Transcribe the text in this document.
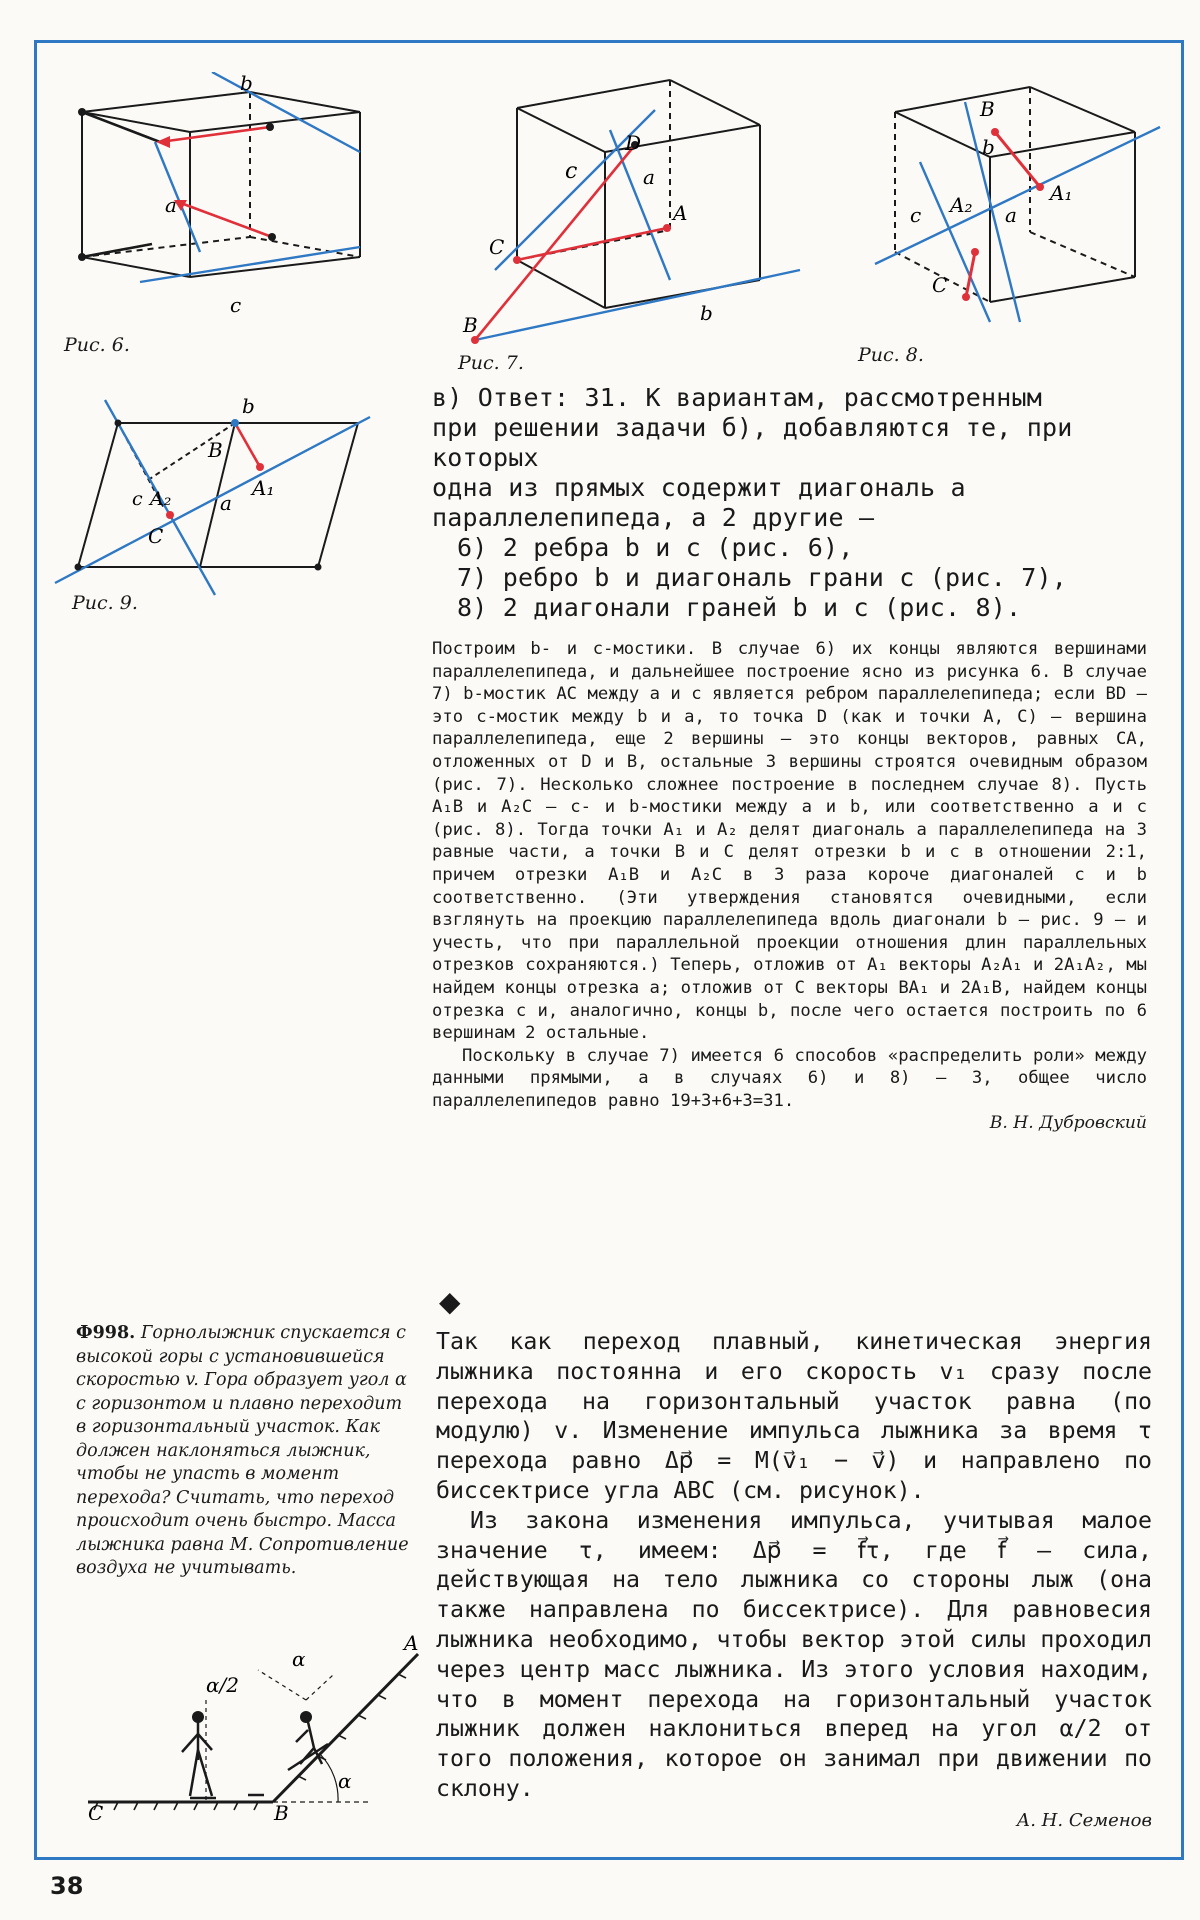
b
a
c
Рис. 6.
D
c	a
A
C
B	b
Рис. 7.
B
b
A₂
c	a
A₁
C
Рис. 8.
b
B
c A₂	A₁
a
C
Рис. 9.

в) Ответ: 31. К вариантам, рассмотренным

при решении задачи б), добавляются те, при которых

одна из прямых содержит диагональ a параллелепипеда, а 2 другие —

6) 2 ребра b и c (рис. 6),

7) ребро b и диагональ грани c (рис. 7),

8) 2 диагонали граней b и c (рис. 8).

Построим b- и c-мостики. В случае 6) их концы являются вершинами параллелепипеда, и дальнейшее построение ясно из рисунка 6. В случае 7) b-мостик AC между a и c является ребром параллелепипеда; если BD — это c-мостик между b и a, то точка D (как и точки A, C) — вершина параллелепипеда, еще 2 вершины — это концы векторов, равных CA, отложенных от D и B, остальные 3 вершины строятся очевидным образом (рис. 7). Несколько сложнее построение в последнем случае 8). Пусть A₁B и A₂C — c- и b-мостики между a и b, или соответственно a и c (рис. 8). Тогда точки A₁ и A₂ делят диагональ a параллелепипеда на 3 равные части, а точки B и C делят отрезки b и c в отношении 2:1, причем отрезки A₁B и A₂C в 3 раза короче диагоналей c и b соответственно. (Эти утверждения становятся очевидными, если взглянуть на проекцию параллелепипеда вдоль диагонали b — рис. 9 — и учесть, что при параллельной проекции отношения длин параллельных отрезков сохраняются.) Теперь, отложив от A₁ векторы A₂A₁ и 2A₁A₂, мы найдем концы отрезка a; отложив от C векторы BA₁ и 2A₁B, найдем концы отрезка c и, аналогично, концы b, после чего остается построить по 6 вершинам 2 остальные.

Поскольку в случае 7) имеется 6 способов «распределить роли» между данными прямыми, а в случаях 6) и 8) — 3, общее число параллелепипедов равно 19+3+6+3=31.

В. Н. Дубровский

◆
Ф998. Горнолыжник спускается с высокой горы с установившейся скоростью v. Гора образует угол α с горизонтом и плавно переходит в горизонтальный участок. Как должен наклоняться лыжник, чтобы не упасть в момент перехода? Считать, что переход происходит очень быстро. Масса лыжника равна M. Сопротивление воздуха не учитывать.
α/2
α
A
α
C	B

Так как переход плавный, кинетическая энергия лыжника постоянна и его скорость v₁ сразу после перехода на горизонтальный участок равна (по модулю) v. Изменение импульса лыжника за время τ перехода равно Δp⃗ = M(v⃗₁ − v⃗) и направлено по биссектрисе угла ABC (см. рисунок).

Из закона изменения импульса, учитывая малое значение τ, имеем: Δp⃗ = f⃗τ, где f⃗ — сила, действующая на тело лыжника со стороны лыж (она также направлена по биссектрисе). Для равновесия лыжника необходимо, чтобы вектор этой силы проходил через центр масс лыжника. Из этого условия находим, что в момент перехода на горизонтальный участок лыжник должен наклониться вперед на угол α/2 от того положения, которое он занимал при движении по склону.

А. Н. Семенов

38
